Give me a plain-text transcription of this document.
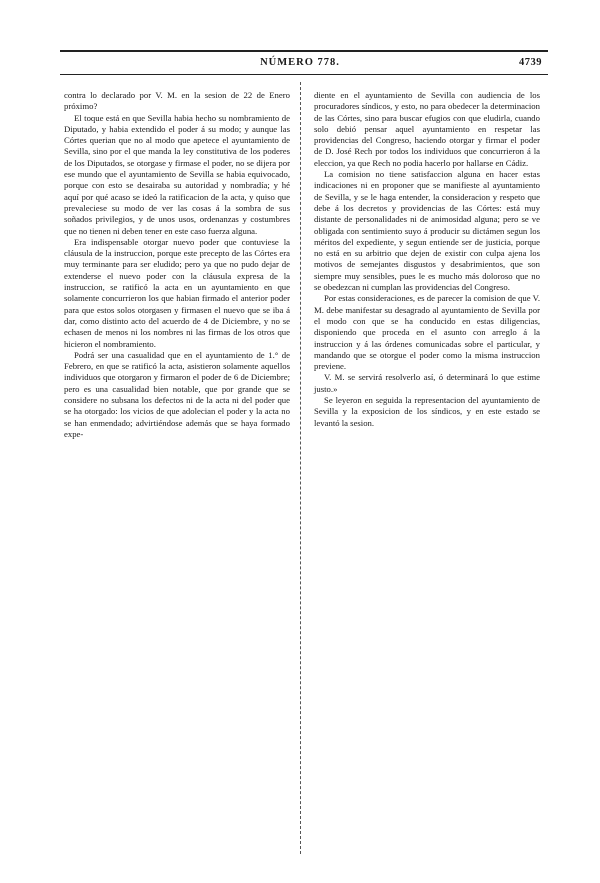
NÚMERO 778.	4739

contra lo declarado por V. M. en la sesion de 22 de Enero próximo?

El toque está en que Sevilla habia hecho su nombramiento de Diputado, y habia extendido el poder á su modo; y aunque las Córtes querian que no al modo que apetece el ayuntamiento de Sevilla, sino por el que manda la ley constitutiva de los poderes de los Diputados, se otorgase y firmase el poder, no se dijera por ese mundo que el ayuntamiento de Sevilla se habia equivocado, porque con esto se desairaba su autoridad y nombradía; y hé aquí por qué acaso se ideó la ratificacion de la acta, y quiso que prevaleciese su modo de ver las cosas á la sombra de sus soñados privilegios, y de unos usos, ordenanzas y costumbres que no tienen ni deben tener en este caso fuerza alguna.

Era indispensable otorgar nuevo poder que contuviese la cláusula de la instruccion, porque este precepto de las Córtes era muy terminante para ser eludido; pero ya que no pudo dejar de extenderse el nuevo poder con la cláusula expresa de la instruccion, se ratificó la acta en un ayuntamiento en que solamente concurrieron los que habian firmado el anterior poder para que estos solos otorgasen y firmasen el nuevo que se iba á dar, como distinto acto del acuerdo de 4 de Diciembre, y no se echasen de menos ni los nombres ni las firmas de los otros que hicieron el nombramiento.

Podrá ser una casualidad que en el ayuntamiento de 1.° de Febrero, en que se ratificó la acta, asistieron solamente aquellos individuos que otorgaron y firmaron el poder de 6 de Diciembre; pero es una casualidad bien notable, que por grande que se considere no subsana los defectos ni de la acta ni del poder que se ha otorgado: los vicios de que adolecian el poder y la acta no se han enmendado; advirtiéndose además que se haya formado expe-

diente en el ayuntamiento de Sevilla con audiencia de los procuradores síndicos, y esto, no para obedecer la determinacion de las Córtes, sino para buscar efugios con que eludirla, cuando solo debió pensar aquel ayuntamiento en respetar las providencias del Congreso, haciendo otorgar y firmar el poder de D. José Rech por todos los individuos que concurrieron á la eleccion, ya que Rech no podia hacerlo por hallarse en Cádiz.

La comision no tiene satisfaccion alguna en hacer estas indicaciones ni en proponer que se manifieste al ayuntamiento de Sevilla, y se le haga entender, la consideracion y respeto que debe á los decretos y providencias de las Córtes: está muy distante de personalidades ni de animosidad alguna; pero se ve obligada con sentimiento suyo á producir su dictámen segun los méritos del expediente, y segun entiende ser de justicia, porque no está en su arbitrio que dejen de existir con culpa ajena los motivos de semejantes disgustos y desabrimientos, que son siempre muy sensibles, pues le es mucho más doloroso que no se obedezcan ni cumplan las providencias del Congreso.

Por estas consideraciones, es de parecer la comision de que V. M. debe manifestar su desagrado al ayuntamiento de Sevilla por el modo con que se ha conducido en estas diligencias, disponiendo que proceda en el asunto con arreglo á la instruccion y á las órdenes comunicadas sobre el particular, y mandando que se otorgue el poder como la misma instruccion previene.

V. M. se servirá resolverlo así, ó determinará lo que estime justo.»

Se leyeron en seguida la representacion del ayuntamiento de Sevilla y la exposicion de los síndicos, y en este estado se levantó la sesion.
